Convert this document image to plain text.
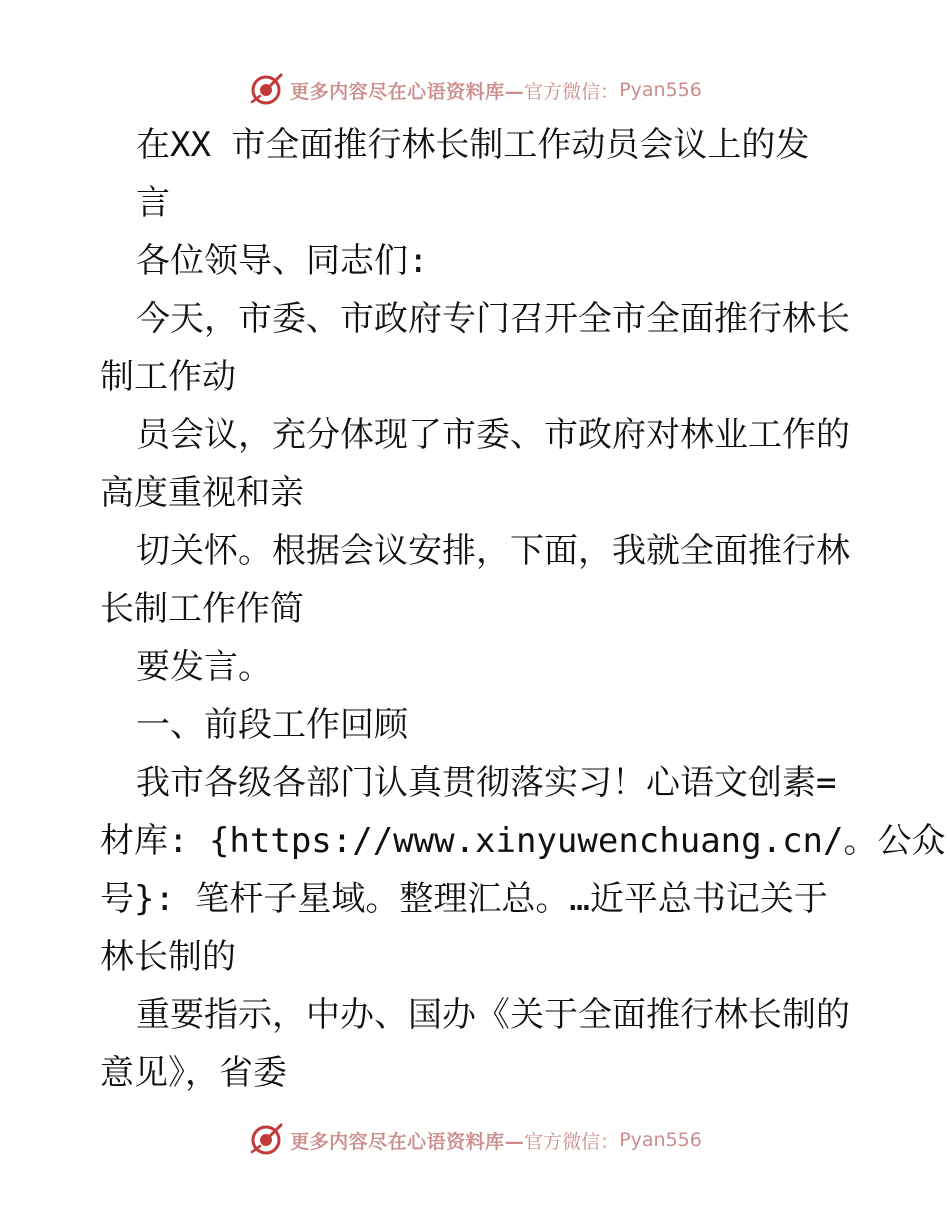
更多内容尽在心语资料库— 官方微信： Pyan556
在XX 市全面推行林长制工作动员会议上的发
言
各位领导、同志们:
今天，市委、市政府专门召开全市全面推行林长
制工作动
员会议，充分体现了市委、市政府对林业工作的
高度重视和亲
切关怀。根据会议安排，下面，我就全面推行林
长制工作作简
要发言。
一、前段工作回顾
我市各级各部门认真贯彻落实习！心语文创素=
材库: {https://www.xinyuwenchuang.cn/。公众
号}: 笔杆子星域。整理汇总。…近平总书记关于
林长制的
重要指示，中办、国办《关于全面推行林长制的
意见》，省委
更多内容尽在心语资料库— 官方微信： Pyan556
